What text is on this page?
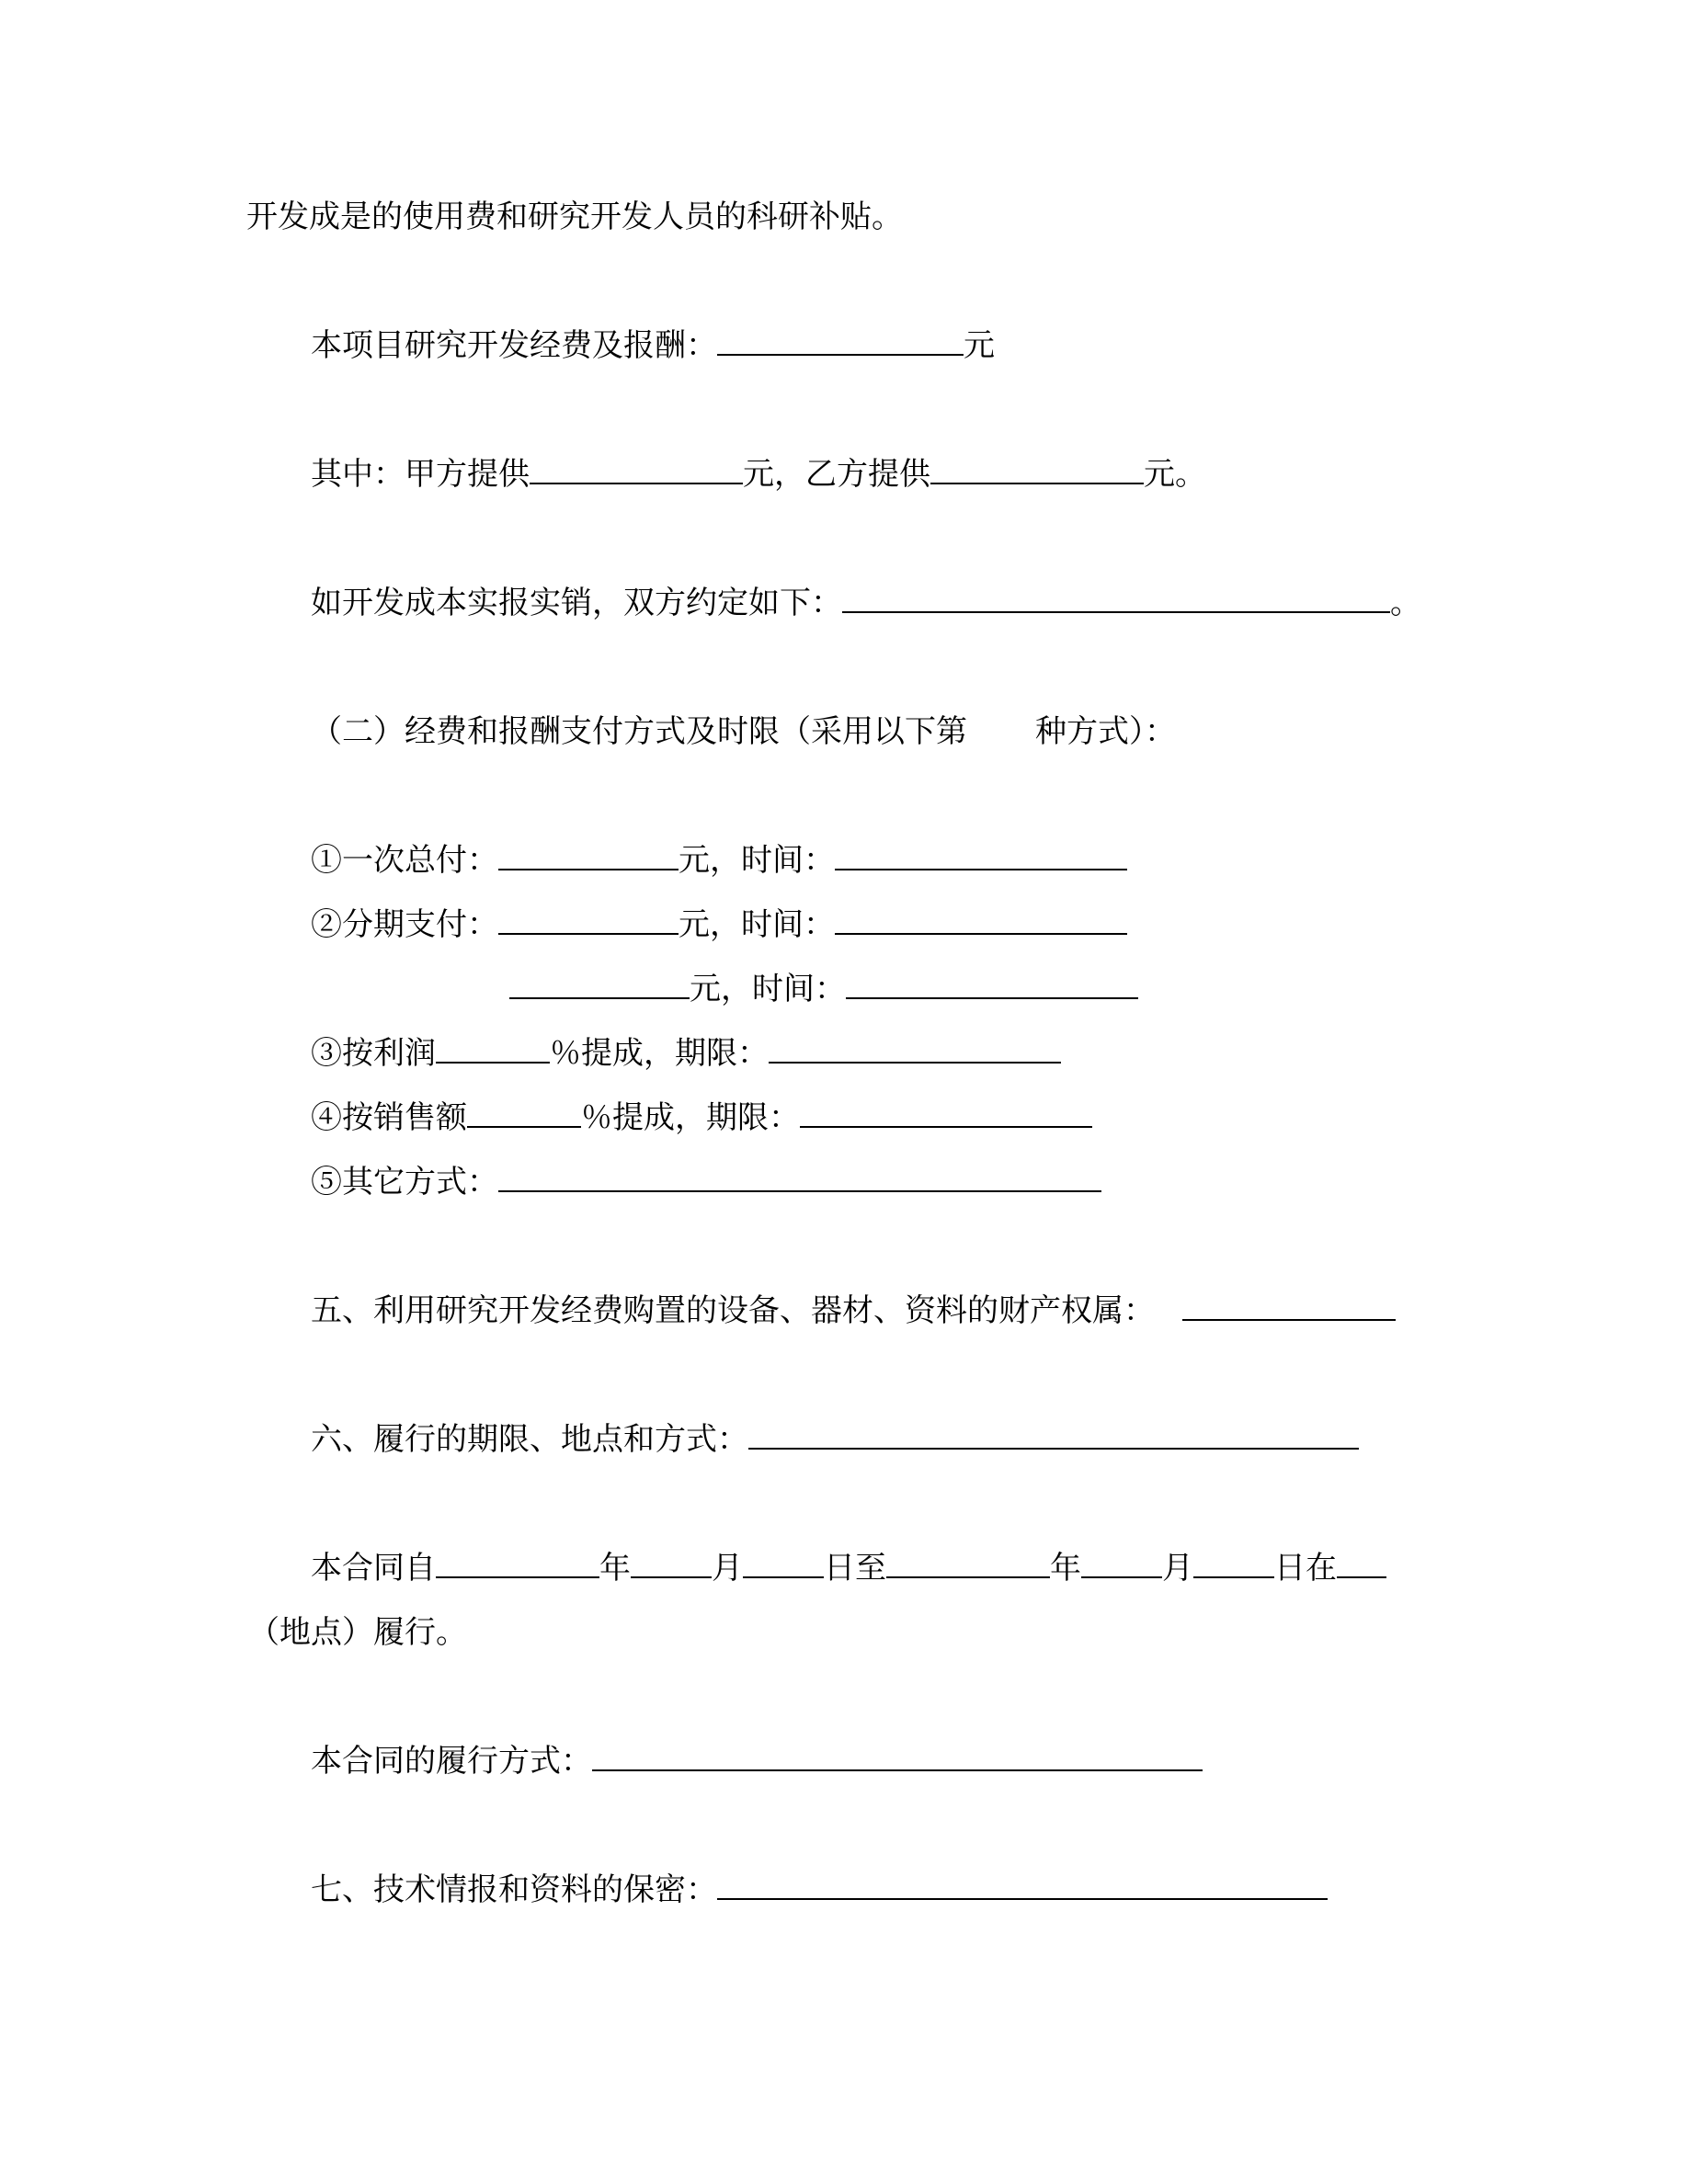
开发成是的使用费和研究开发人员的科研补贴。
本项目研究开发经费及报酬：	元
其中：甲方提供	元，乙方提供	元。
如开发成本实报实销，双方约定如下：	。
（二）经费和报酬支付方式及时限（采用以下第 种方式）：
①一次总付：	元，时间：
②分期支付：	元，时间：
元，时间：
③按利润	％提成，期限：
④按销售额	％提成，期限：
⑤其它方式：
五、利用研究开发经费购置的设备、器材、资料的财产权属：
六、履行的期限、地点和方式：
本合同自	年	月	日至	年	月	日在
（地点）履行。
本合同的履行方式：
七、技术情报和资料的保密：
